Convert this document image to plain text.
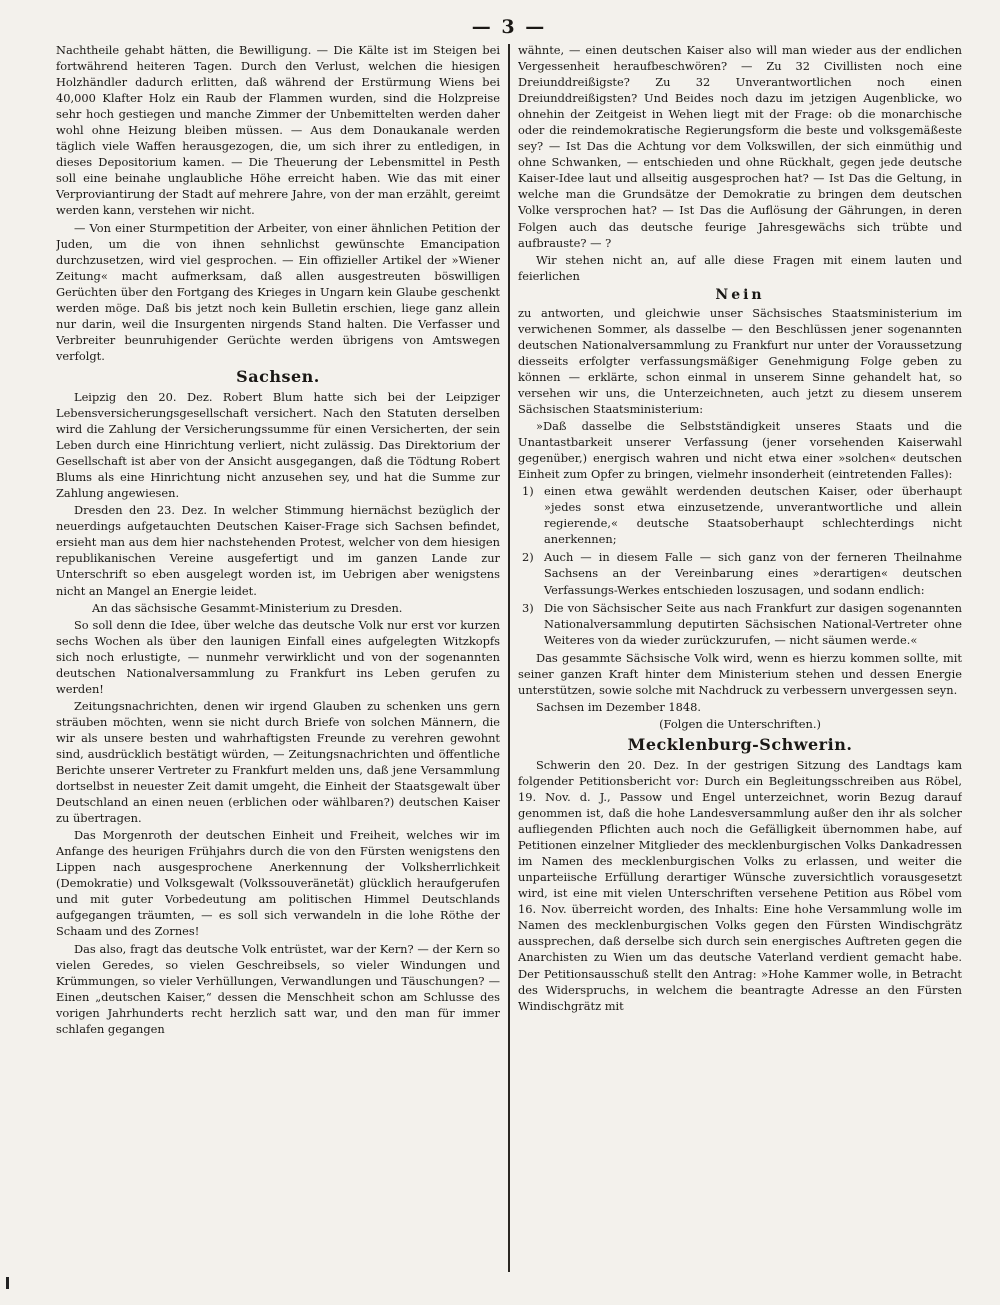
— 3 —

Nachtheile gehabt hätten, die Bewilligung. — Die Kälte ist im Steigen bei fortwährend heiteren Tagen. Durch den Verlust, welchen die hiesigen Holzhändler dadurch erlitten, daß während der Erstürmung Wiens bei 40,000 Klafter Holz ein Raub der Flammen wurden, sind die Holzpreise sehr hoch gestiegen und manche Zimmer der Unbemittelten werden daher wohl ohne Heizung bleiben müssen. — Aus dem Donaukanale werden täglich viele Waffen herausgezogen, die, um sich ihrer zu entledigen, in dieses Depositorium kamen. — Die Theuerung der Lebensmittel in Pesth soll eine beinahe unglaubliche Höhe erreicht haben. Wie das mit einer Verproviantirung der Stadt auf mehrere Jahre, von der man erzählt, gereimt werden kann, verstehen wir nicht.

— Von einer Sturmpetition der Arbeiter, von einer ähnlichen Petition der Juden, um die von ihnen sehnlichst gewünschte Emancipation durchzusetzen, wird viel gesprochen. — Ein offizieller Artikel der »Wiener Zeitung« macht aufmerksam, daß allen ausgestreuten böswilligen Gerüchten über den Fortgang des Krieges in Ungarn kein Glaube geschenkt werden möge. Daß bis jetzt noch kein Bulletin erschien, liege ganz allein nur darin, weil die Insurgenten nirgends Stand halten. Die Verfasser und Verbreiter beunruhigender Gerüchte werden übrigens von Amtswegen verfolgt.

Sachsen.

Leipzig den 20. Dez. Robert Blum hatte sich bei der Leipziger Lebensversicherungsgesellschaft versichert. Nach den Statuten derselben wird die Zahlung der Versicherungssumme für einen Versicherten, der sein Leben durch eine Hinrichtung verliert, nicht zulässig. Das Direktorium der Gesellschaft ist aber von der Ansicht ausgegangen, daß die Tödtung Robert Blums als eine Hinrichtung nicht anzusehen sey, und hat die Summe zur Zahlung angewiesen.

Dresden den 23. Dez. In welcher Stimmung hiernächst bezüglich der neuerdings aufgetauchten Deutschen Kaiser-Frage sich Sachsen befindet, ersieht man aus dem hier nachstehenden Protest, welcher von dem hiesigen republikanischen Vereine ausgefertigt und im ganzen Lande zur Unterschrift so eben ausgelegt worden ist, im Uebrigen aber wenigstens nicht an Mangel an Energie leidet.

An das sächsische Gesammt-Ministerium zu Dresden.

So soll denn die Idee, über welche das deutsche Volk nur erst vor kurzen sechs Wochen als über den launigen Einfall eines aufgelegten Witzkopfs sich noch erlustigte, — nunmehr verwirklicht und von der sogenannten deutschen Nationalversammlung zu Frankfurt ins Leben gerufen zu werden!

Zeitungsnachrichten, denen wir irgend Glauben zu schenken uns gern sträuben möchten, wenn sie nicht durch Briefe von solchen Männern, die wir als unsere besten und wahrhaftigsten Freunde zu verehren gewohnt sind, ausdrücklich bestätigt würden, — Zeitungsnachrichten und öffentliche Berichte unserer Vertreter zu Frankfurt melden uns, daß jene Versammlung dortselbst in neuester Zeit damit umgeht, die Einheit der Staatsgewalt über Deutschland an einen neuen (erblichen oder wählbaren?) deutschen Kaiser zu übertragen.

Das Morgenroth der deutschen Einheit und Freiheit, welches wir im Anfange des heurigen Frühjahrs durch die von den Fürsten wenigstens den Lippen nach ausgesprochene Anerkennung der Volksherrlichkeit (Demokratie) und Volksgewalt (Volkssouveränetät) glücklich heraufgerufen und mit guter Vorbedeutung am politischen Himmel Deutschlands aufgegangen träumten, — es soll sich verwandeln in die lohe Röthe der Schaam und des Zornes!

Das also, fragt das deutsche Volk entrüstet, war der Kern? — der Kern so vielen Geredes, so vielen Geschreibsels, so vieler Windungen und Krümmungen, so vieler Verhüllungen, Verwandlungen und Täuschungen? — Einen „deutschen Kaiser,“ dessen die Menschheit schon am Schlusse des vorigen Jahrhunderts recht herzlich satt war, und den man für immer schlafen gegangen

wähnte, — einen deutschen Kaiser also will man wieder aus der endlichen Vergessenheit heraufbeschwören? — Zu 32 Civillisten noch eine Dreiunddreißigste? Zu 32 Unverantwortlichen noch einen Dreiunddreißigsten? Und Beides noch dazu im jetzigen Augenblicke, wo ohnehin der Zeitgeist in Wehen liegt mit der Frage: ob die monarchische oder die reindemokratische Regierungsform die beste und volksgemäßeste sey? — Ist Das die Achtung vor dem Volkswillen, der sich einmüthig und ohne Schwanken, — entschieden und ohne Rückhalt, gegen jede deutsche Kaiser-Idee laut und allseitig ausgesprochen hat? — Ist Das die Geltung, in welche man die Grundsätze der Demokratie zu bringen dem deutschen Volke versprochen hat? — Ist Das die Auflösung der Gährungen, in deren Folgen auch das deutsche feurige Jahresgewächs sich trübte und aufbrauste? — ?

Wir stehen nicht an, auf alle diese Fragen mit einem lauten und feierlichen

Nein

zu antworten, und gleichwie unser Sächsisches Staatsministerium im verwichenen Sommer, als dasselbe — den Beschlüssen jener sogenannten deutschen Nationalversammlung zu Frankfurt nur unter der Voraussetzung diesseits erfolgter verfassungsmäßiger Genehmigung Folge geben zu können — erklärte, schon einmal in unserem Sinne gehandelt hat, so versehen wir uns, die Unterzeichneten, auch jetzt zu diesem unserem Sächsischen Staatsministerium:

»Daß dasselbe die Selbstständigkeit unseres Staats und die Unantastbarkeit unserer Verfassung (jener vorsehenden Kaiserwahl gegenüber,) energisch wahren und nicht etwa einer »solchen« deutschen Einheit zum Opfer zu bringen, vielmehr insonderheit (eintretenden Falles):

1) einen etwa gewählt werdenden deutschen Kaiser, oder überhaupt »jedes sonst etwa einzusetzende, unverantwortliche und allein regierende,« deutsche Staatsoberhaupt schlechterdings nicht anerkennen;
2) Auch — in diesem Falle — sich ganz von der ferneren Theilnahme Sachsens an der Vereinbarung eines »derartigen« deutschen Verfassungs-Werkes entschieden loszusagen, und sodann endlich:
3) Die von Sächsischer Seite aus nach Frankfurt zur dasigen sogenannten Nationalversammlung deputirten Sächsischen National-Vertreter ohne Weiteres von da wieder zurückzurufen, — nicht säumen werde.«

Das gesammte Sächsische Volk wird, wenn es hierzu kommen sollte, mit seiner ganzen Kraft hinter dem Ministerium stehen und dessen Energie unterstützen, sowie solche mit Nachdruck zu verbessern unvergessen seyn.

Sachsen im Dezember 1848.

(Folgen die Unterschriften.)

Mecklenburg-Schwerin.

Schwerin den 20. Dez. In der gestrigen Sitzung des Landtags kam folgender Petitionsbericht vor: Durch ein Begleitungsschreiben aus Röbel, 19. Nov. d. J., Passow und Engel unterzeichnet, worin Bezug darauf genommen ist, daß die hohe Landesversammlung außer den ihr als solcher aufliegenden Pflichten auch noch die Gefälligkeit übernommen habe, auf Petitionen einzelner Mitglieder des mecklenburgischen Volks Dankadressen im Namen des mecklenburgischen Volks zu erlassen, und weiter die unparteiische Erfüllung derartiger Wünsche zuversichtlich vorausgesetzt wird, ist eine mit vielen Unterschriften versehene Petition aus Röbel vom 16. Nov. überreicht worden, des Inhalts: Eine hohe Versammlung wolle im Namen des mecklenburgischen Volks gegen den Fürsten Windischgrätz aussprechen, daß derselbe sich durch sein energisches Auftreten gegen die Anarchisten zu Wien um das deutsche Vaterland verdient gemacht habe. Der Petitionsausschuß stellt den Antrag: »Hohe Kammer wolle, in Betracht des Widerspruchs, in welchem die beantragte Adresse an den Fürsten Windischgrätz mit
